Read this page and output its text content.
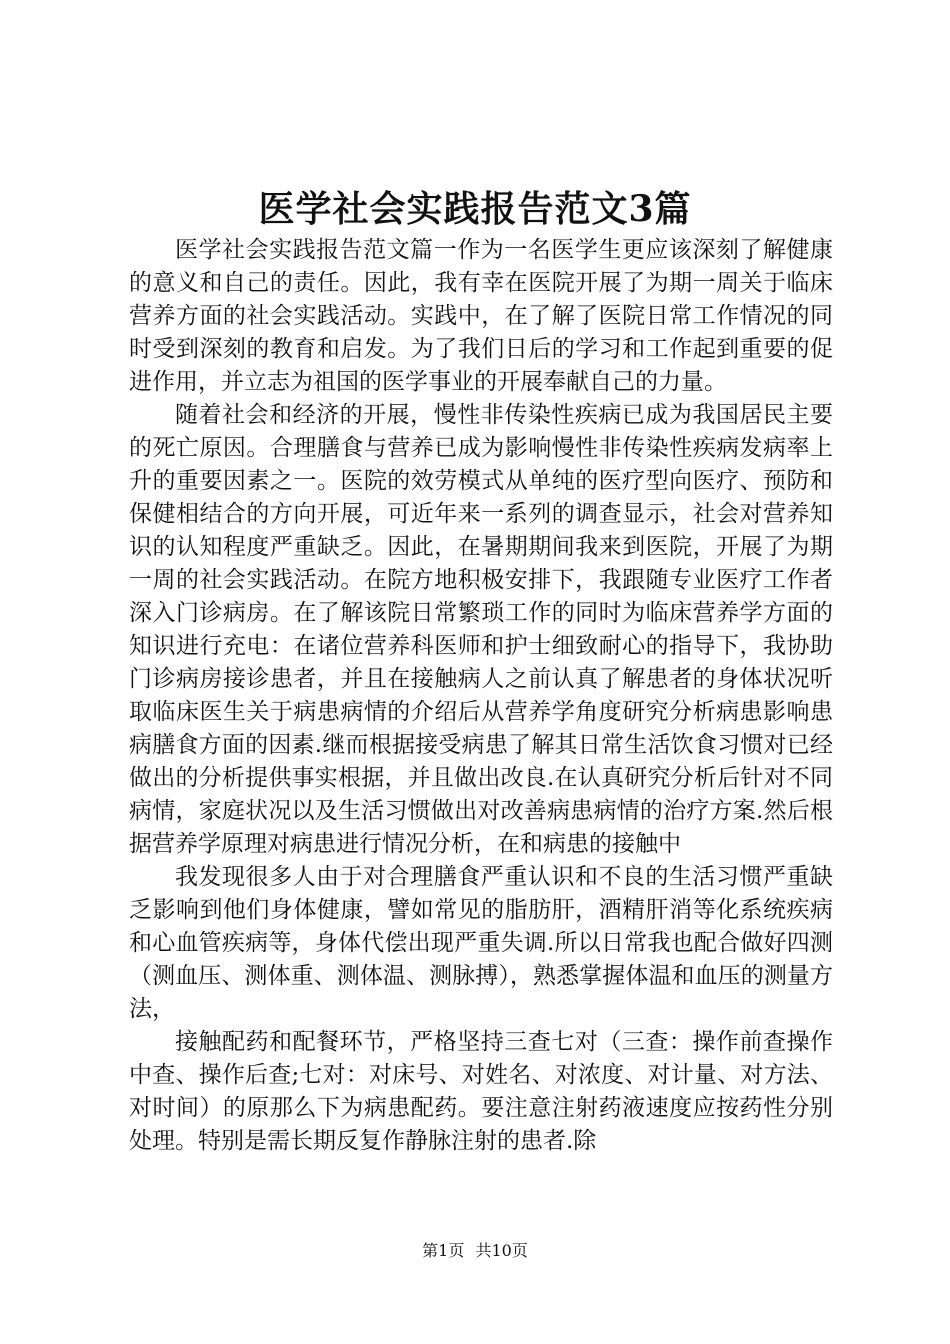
医学社会实践报告范文3篇

医学社会实践报告范文篇一作为一名医学生更应该深刻了解健康的意义和自己的责任。因此，我有幸在医院开展了为期一周关于临床营养方面的社会实践活动。实践中，在了解了医院日常工作情况的同时受到深刻的教育和启发。为了我们日后的学习和工作起到重要的促进作用，并立志为祖国的医学事业的开展奉献自己的力量。

随着社会和经济的开展，慢性非传染性疾病已成为我国居民主要的死亡原因。合理膳食与营养已成为影响慢性非传染性疾病发病率上升的重要因素之一。医院的效劳模式从单纯的医疗型向医疗、预防和保健相结合的方向开展，可近年来一系列的调查显示，社会对营养知识的认知程度严重缺乏。因此，在暑期期间我来到医院，开展了为期一周的社会实践活动。在院方地积极安排下，我跟随专业医疗工作者深入门诊病房。在了解该院日常繁琐工作的同时为临床营养学方面的知识进行充电：在诸位营养科医师和护士细致耐心的指导下，我协助门诊病房接诊患者，并且在接触病人之前认真了解患者的身体状况听取临床医生关于病患病情的介绍后从营养学角度研究分析病患影响患病膳食方面的因素.继而根据接受病患了解其日常生活饮食习惯对已经做出的分析提供事实根据，并且做出改良.在认真研究分析后针对不同病情，家庭状况以及生活习惯做出对改善病患病情的治疗方案.然后根据营养学原理对病患进行情况分析，在和病患的接触中

我发现很多人由于对合理膳食严重认识和不良的生活习惯严重缺乏影响到他们身体健康，譬如常见的脂肪肝，酒精肝消等化系统疾病和心血管疾病等，身体代偿出现严重失调.所以日常我也配合做好四测（测血压、测体重、测体温、测脉搏），熟悉掌握体温和血压的测量方法，

接触配药和配餐环节，严格坚持三查七对（三查：操作前查操作中查、操作后查;七对：对床号、对姓名、对浓度、对计量、对方法、对时间）的原那么下为病患配药。要注意注射药液速度应按药性分别处理。特别是需长期反复作静脉注射的患者.除

第1页 共10页
